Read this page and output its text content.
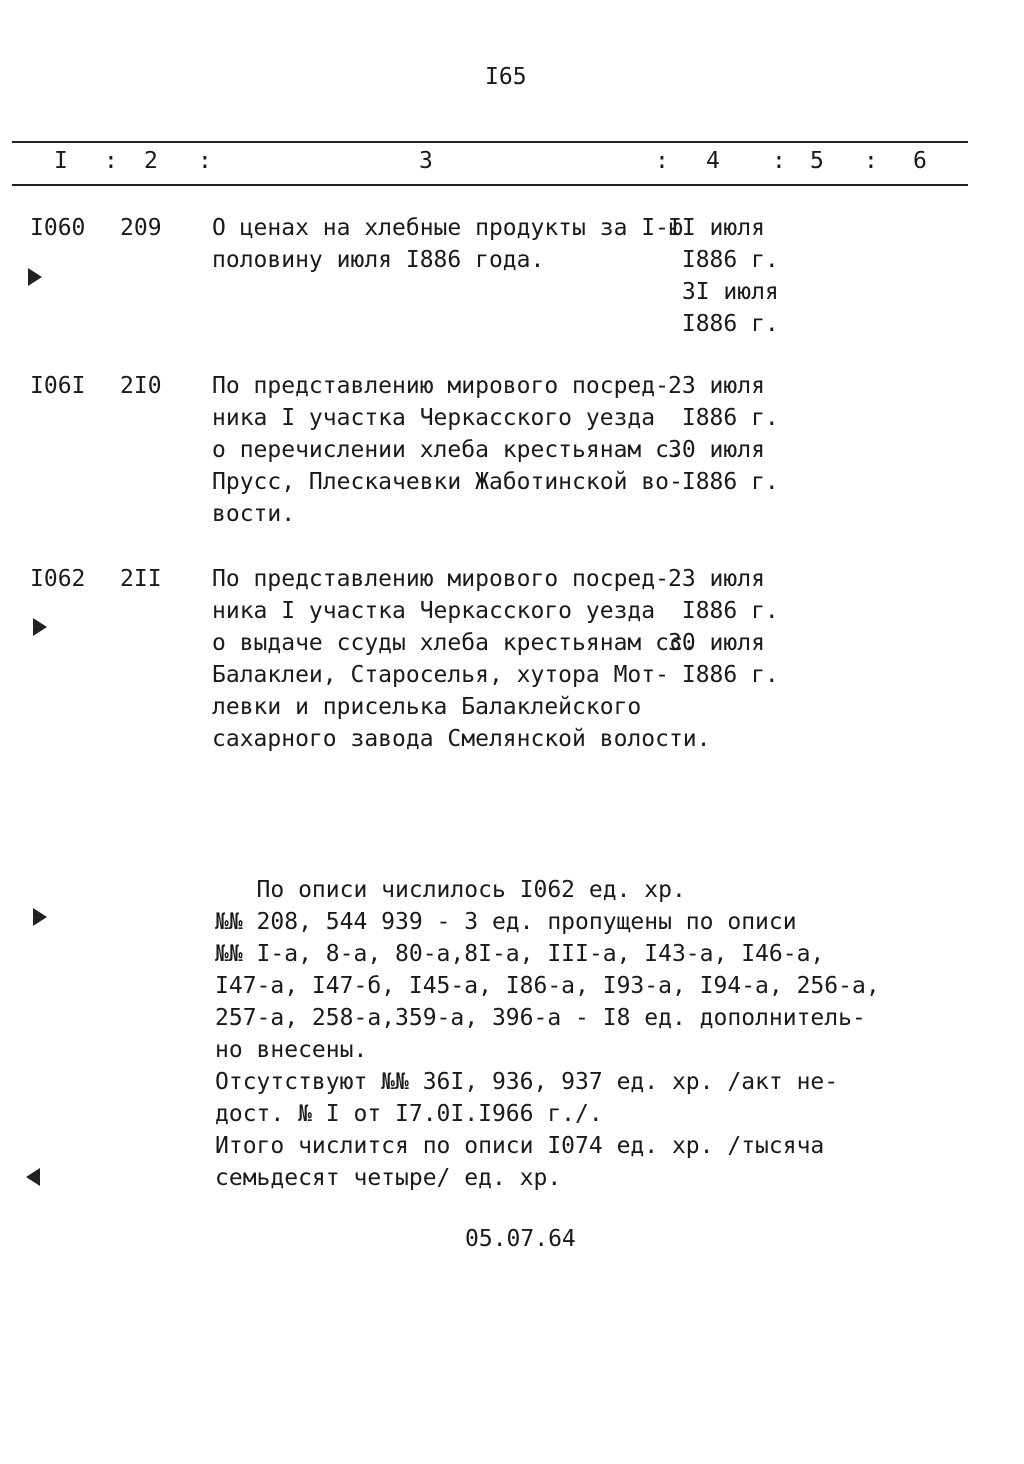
I65
I : 2 :	3	: 4 : 5 : 6
I060 209 О ценах на хлебные продукты за I-ю
половину июля I886 года.
II июля
I886 г.
3I июля
I886 г.
I06I 2I0 По представлению мирового посред-
ника I участка Черкасского уезда
о перечислении хлеба крестьянам с.
Прусс, Плескачевки Жаботинской во-
вости.
23 июля
I886 г.
30 июля
I886 г.
I062 2II По представлению мирового посред-
ника I участка Черкасского уезда
о выдаче ссуды хлеба крестьянам сс.
Балаклеи, Староселья, хутора Мот-
левки и приселька Балаклейского
сахарного завода Смелянской волости.
23 июля
I886 г.
30 июля
I886 г.
По описи числилось I062 ед. хр.
№№ 208, 544 939 - 3 ед. пропущены по описи
№№ I-а, 8-а, 80-а,8I-а, III-а, I43-а, I46-а,
I47-а, I47-б, I45-а, I86-а, I93-а, I94-а, 256-а,
257-а, 258-а,359-а, 396-а - I8 ед. дополнитель-
но внесены.
Отсутствуют №№ 36I, 936, 937 ед. хр. /акт не-
дост. № I от I7.0I.I966 г./.
Итого числится по описи I074 ед. хр. /тысяча
семьдесят четыре/ ед. хр.
05.07.64
